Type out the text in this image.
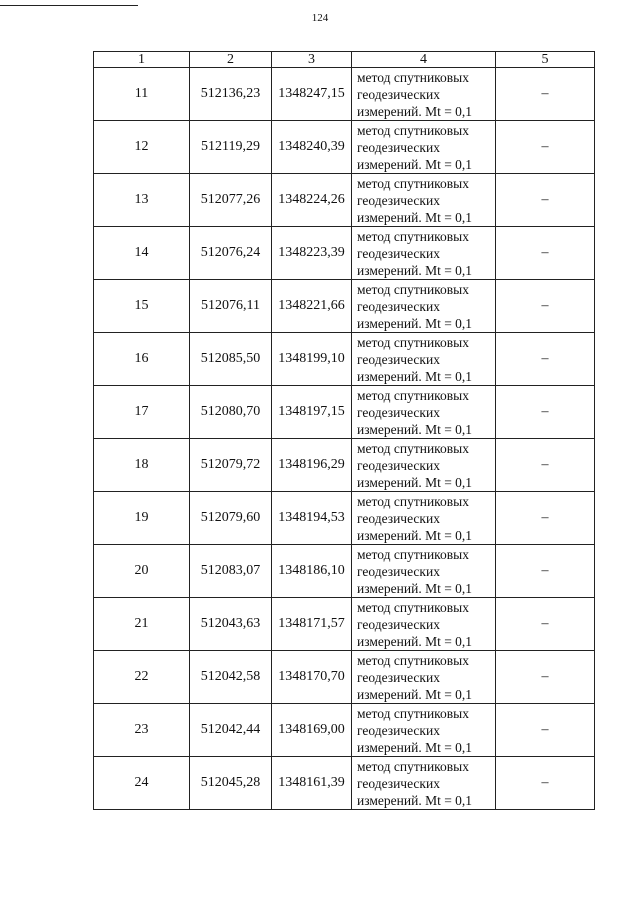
124
1	2	3	4	5
11	512136,23	1348247,15	метод спутниковых
геодезических
измерений. Mt = 0,1	–
12	512119,29	1348240,39	метод спутниковых
геодезических
измерений. Mt = 0,1	–
13	512077,26	1348224,26	метод спутниковых
геодезических
измерений. Mt = 0,1	–
14	512076,24	1348223,39	метод спутниковых
геодезических
измерений. Mt = 0,1	–
15	512076,11	1348221,66	метод спутниковых
геодезических
измерений. Mt = 0,1	–
16	512085,50	1348199,10	метод спутниковых
геодезических
измерений. Mt = 0,1	–
17	512080,70	1348197,15	метод спутниковых
геодезических
измерений. Mt = 0,1	–
18	512079,72	1348196,29	метод спутниковых
геодезических
измерений. Mt = 0,1	–
19	512079,60	1348194,53	метод спутниковых
геодезических
измерений. Mt = 0,1	–
20	512083,07	1348186,10	метод спутниковых
геодезических
измерений. Mt = 0,1	–
21	512043,63	1348171,57	метод спутниковых
геодезических
измерений. Mt = 0,1	–
22	512042,58	1348170,70	метод спутниковых
геодезических
измерений. Mt = 0,1	–
23	512042,44	1348169,00	метод спутниковых
геодезических
измерений. Mt = 0,1	–
24	512045,28	1348161,39	метод спутниковых
геодезических
измерений. Mt = 0,1	–
